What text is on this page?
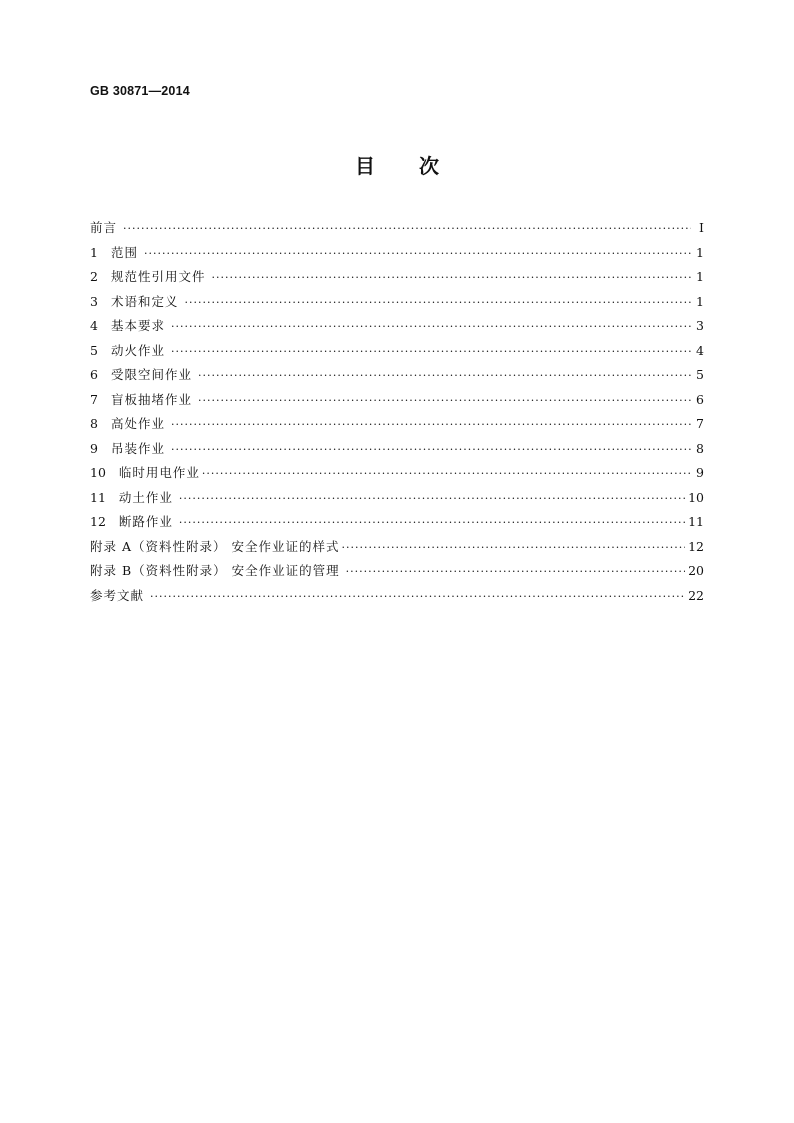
GB 30871—2014
目 次
前言 ·····	Ⅰ
1 范围 ·····	1
2 规范性引用文件 ·····	1
3 术语和定义 ·····	1
4 基本要求 ·····	3
5 动火作业 ·····	4
6 受限空间作业 ·····	5
7 盲板抽堵作业 ·····	6
8 高处作业 ·····	7
9 吊装作业 ·····	8
10 临时用电作业 ·····	9
11 动土作业 ·····	10
12 断路作业 ·····	11
附录 A（资料性附录） 安全作业证的样式 ·····	12
附录 B（资料性附录） 安全作业证的管理 ·····	20
参考文献 ·····	22
